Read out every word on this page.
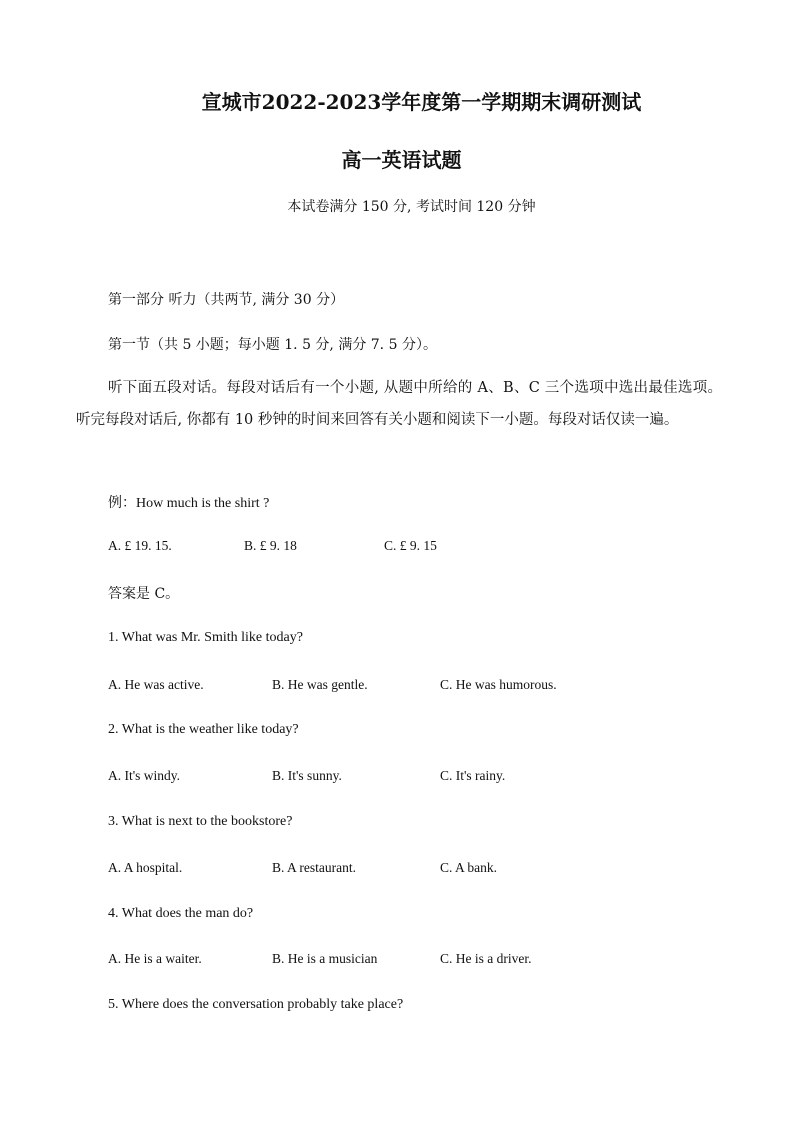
宣城市2022-2023学年度第一学期期末调研测试
高一英语试题
本试卷满分 150 分, 考试时间 120 分钟
第一部分 听力（共两节, 满分 30 分）
第一节（共 5 小题；每小题 1. 5 分, 满分 7. 5 分）。
听下面五段对话。每段对话后有一个小题, 从题中所给的 A、B、C 三个选项中选出最佳选项。听完每段对话后, 你都有 10 秒钟的时间来回答有关小题和阅读下一小题。每段对话仅读一遍。
例：How much is the shirt ?
A. £ 19. 15.	B. £ 9. 18	C. £ 9. 15
答案是 C。
1. What was Mr. Smith like today?
A. He was active.	B. He was gentle.	C. He was humorous.
2. What is the weather like today?
A. It's windy.	B. It's sunny.	C. It's rainy.
3. What is next to the bookstore?
A. A hospital.	B. A restaurant.	C. A bank.
4. What does the man do?
A. He is a waiter.	B. He is a musician	C. He is a driver.
5. Where does the conversation probably take place?
